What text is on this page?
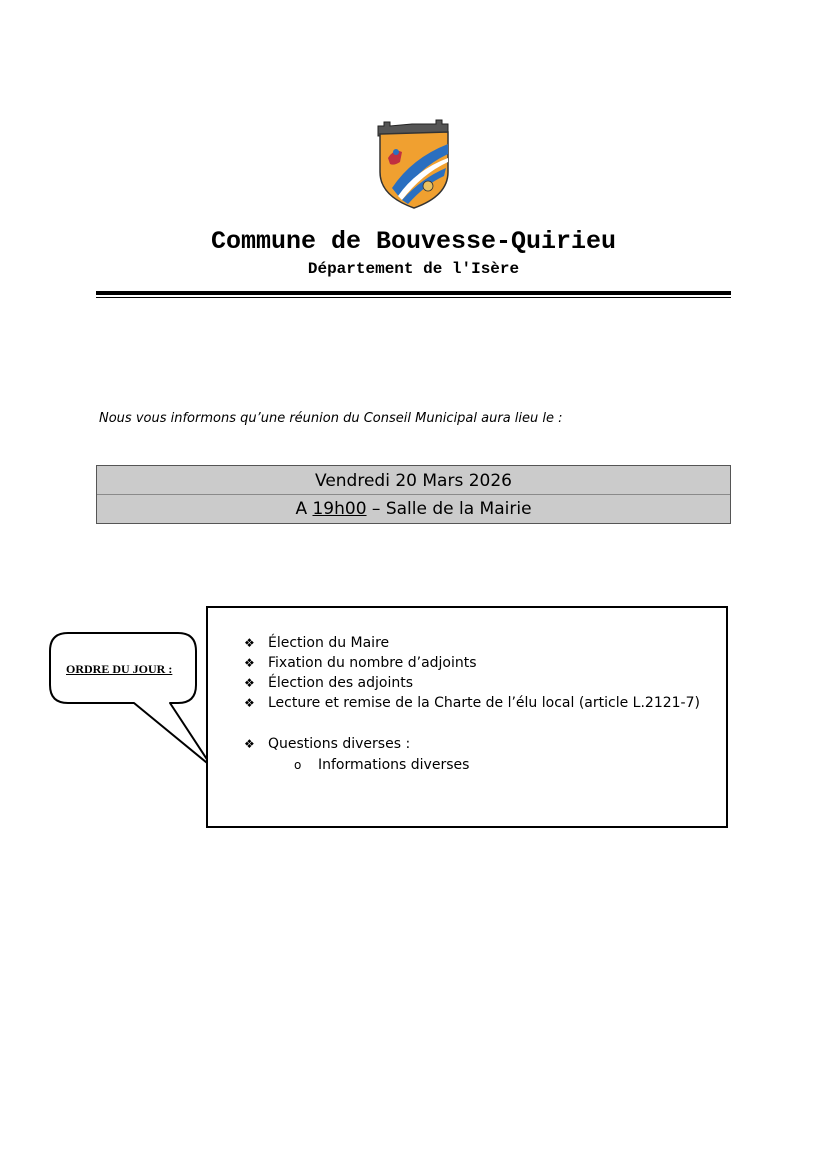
Commune de Bouvesse-Quirieu
Département de l'Isère
Nous vous informons qu’une réunion du Conseil Municipal aura lieu le :
Vendredi 20 Mars 2026
A 19h00 – Salle de la Mairie
ORDRE DU JOUR :
❖ Élection du Maire
❖ Fixation du nombre d’adjoints
❖ Élection des adjoints
❖ Lecture et remise de la Charte de l’élu local (article L.2121-7)
❖ Questions diverses :
o Informations diverses
